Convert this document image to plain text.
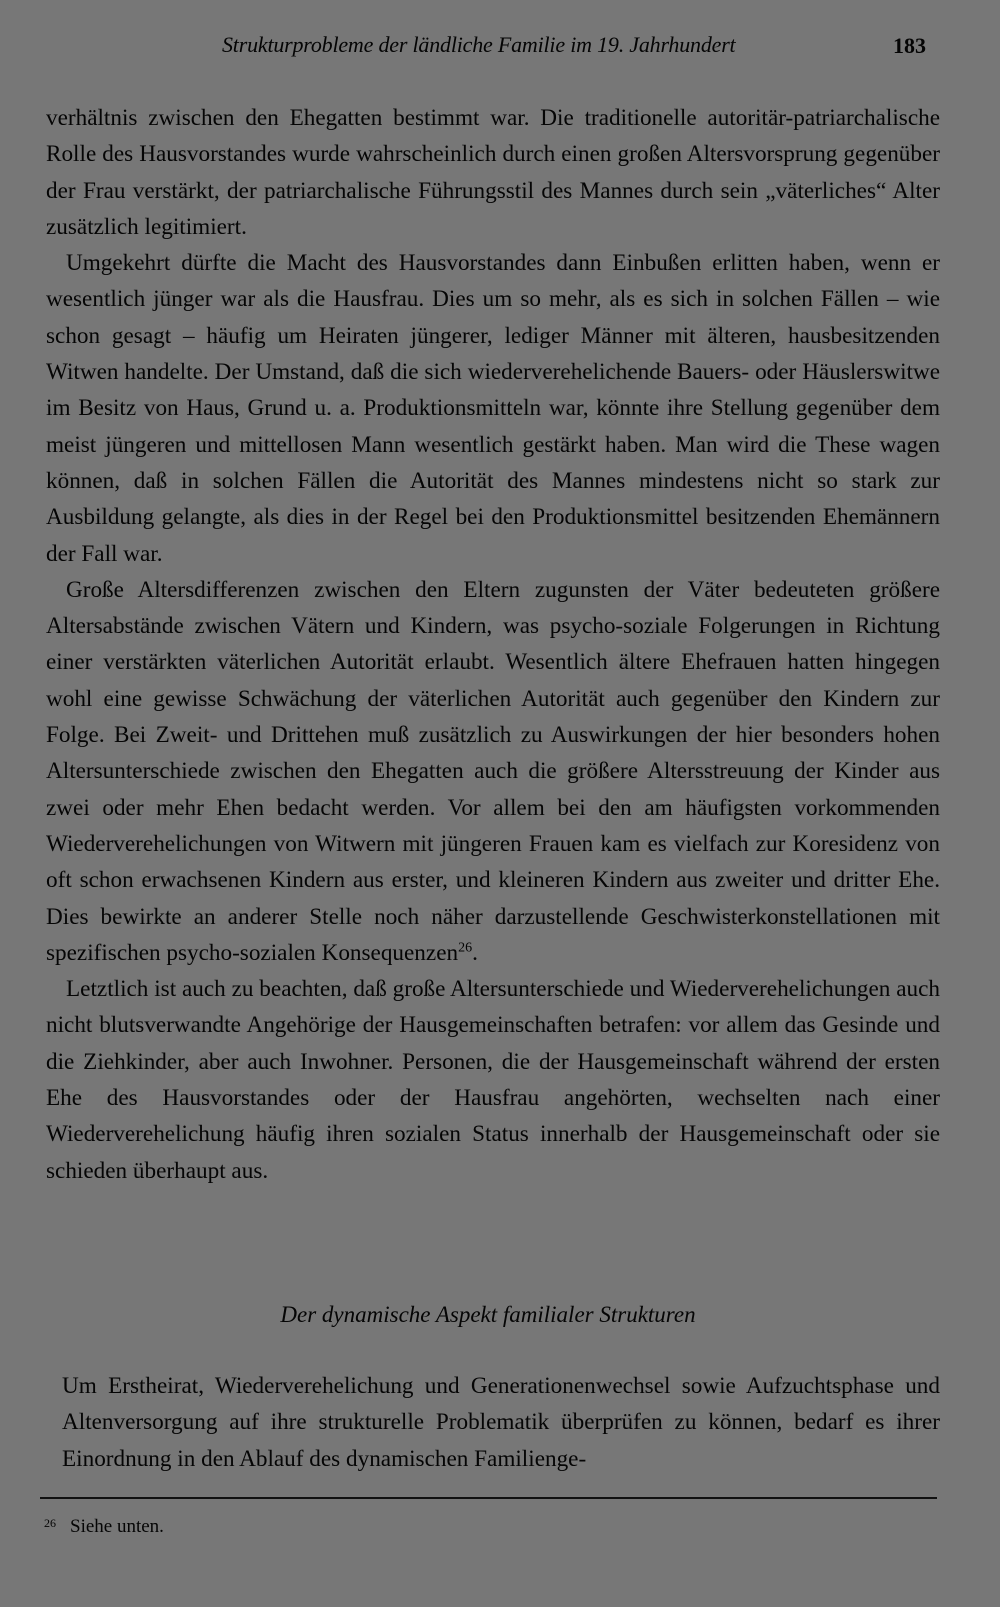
Strukturprobleme der ländliche Familie im 19. Jahrhundert	183

verhältnis zwischen den Ehegatten bestimmt war. Die traditionelle autoritär-patriarchalische Rolle des Hausvorstandes wurde wahrscheinlich durch einen großen Altersvorsprung gegenüber der Frau verstärkt, der patriarchalische Führungsstil des Mannes durch sein „väterliches“ Alter zusätzlich legitimiert.

Umgekehrt dürfte die Macht des Hausvorstandes dann Einbußen erlitten haben, wenn er wesentlich jünger war als die Hausfrau. Dies um so mehr, als es sich in solchen Fällen – wie schon gesagt – häufig um Heiraten jüngerer, lediger Männer mit älteren, hausbesitzenden Witwen handelte. Der Umstand, daß die sich wiederverehelichende Bauers- oder Häuslerswitwe im Besitz von Haus, Grund u. a. Produktionsmitteln war, könnte ihre Stellung gegenüber dem meist jüngeren und mittellosen Mann wesentlich gestärkt haben. Man wird die These wagen können, daß in solchen Fällen die Autorität des Mannes mindestens nicht so stark zur Ausbildung gelangte, als dies in der Regel bei den Produktionsmittel besitzenden Ehemännern der Fall war.

Große Altersdifferenzen zwischen den Eltern zugunsten der Väter bedeuteten größere Altersabstände zwischen Vätern und Kindern, was psycho-soziale Folgerungen in Richtung einer verstärkten väterlichen Autorität erlaubt. Wesentlich ältere Ehefrauen hatten hingegen wohl eine gewisse Schwächung der väterlichen Autorität auch gegenüber den Kindern zur Folge. Bei Zweit- und Drittehen muß zusätzlich zu Auswirkungen der hier besonders hohen Altersunterschiede zwischen den Ehegatten auch die größere Altersstreuung der Kinder aus zwei oder mehr Ehen bedacht werden. Vor allem bei den am häufigsten vorkommenden Wiederverehelichungen von Witwern mit jüngeren Frauen kam es vielfach zur Koresidenz von oft schon erwachsenen Kindern aus erster, und kleineren Kindern aus zweiter und dritter Ehe. Dies bewirkte an anderer Stelle noch näher darzustellende Geschwisterkonstellationen mit spezifischen psycho-sozialen Konsequenzen$^{26}$.

Letztlich ist auch zu beachten, daß große Altersunterschiede und Wiederverehelichungen auch nicht blutsverwandte Angehörige der Hausgemeinschaften betrafen: vor allem das Gesinde und die Ziehkinder, aber auch Inwohner. Personen, die der Hausgemeinschaft während der ersten Ehe des Hausvorstandes oder der Hausfrau angehörten, wechselten nach einer Wiederverehelichung häufig ihren sozialen Status innerhalb der Hausgemeinschaft oder sie schieden überhaupt aus.

Der dynamische Aspekt familialer Strukturen

Um Erstheirat, Wiederverehelichung und Generationenwechsel sowie Aufzuchtsphase und Altenversorgung auf ihre strukturelle Problematik überprüfen zu können, bedarf es ihrer Einordnung in den Ablauf des dynamischen Familienge-

$^{26}$ Siehe unten.
